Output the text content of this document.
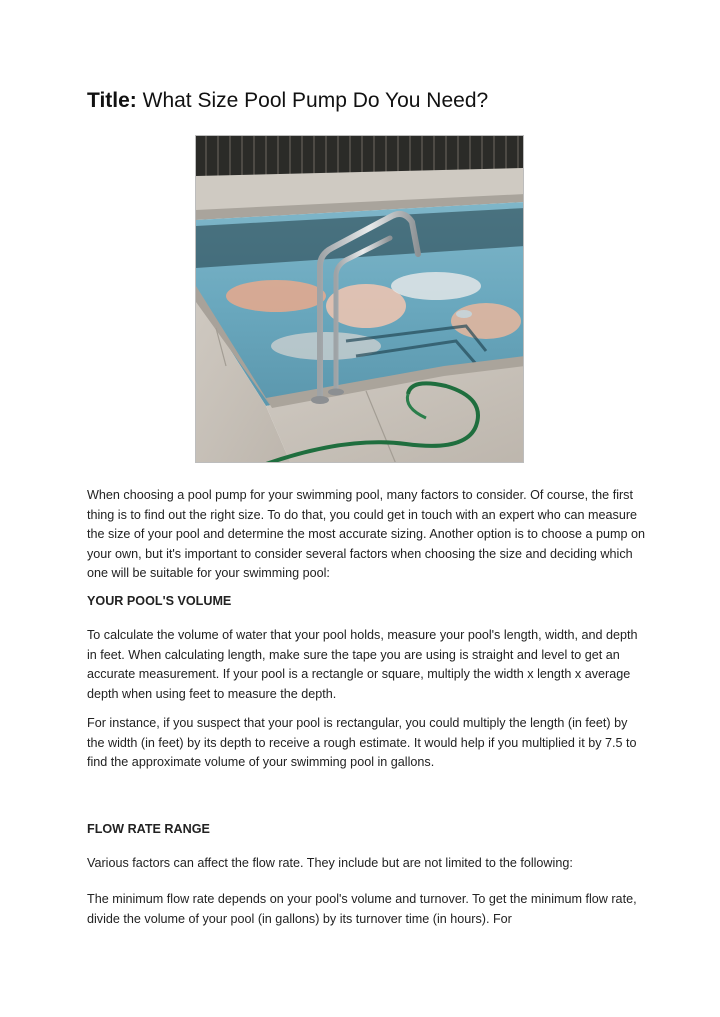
Title: What Size Pool Pump Do You Need?

When choosing a pool pump for your swimming pool, many factors to consider. Of course, the first thing is to find out the right size. To do that, you could get in touch with an expert who can measure the size of your pool and determine the most accurate sizing. Another option is to choose a pump on your own, but it's important to consider several factors when choosing the size and deciding which one will be suitable for your swimming pool:

YOUR POOL'S VOLUME

To calculate the volume of water that your pool holds, measure your pool's length, width, and depth in feet. When calculating length, make sure the tape you are using is straight and level to get an accurate measurement. If your pool is a rectangle or square, multiply the width x length x average depth when using feet to measure the depth.

For instance, if you suspect that your pool is rectangular, you could multiply the length (in feet) by the width (in feet) by its depth to receive a rough estimate. It would help if you multiplied it by 7.5 to find the approximate volume of your swimming pool in gallons.

FLOW RATE RANGE

Various factors can affect the flow rate. They include but are not limited to the following:

The minimum flow rate depends on your pool's volume and turnover. To get the minimum flow rate, divide the volume of your pool (in gallons) by its turnover time (in hours). For
